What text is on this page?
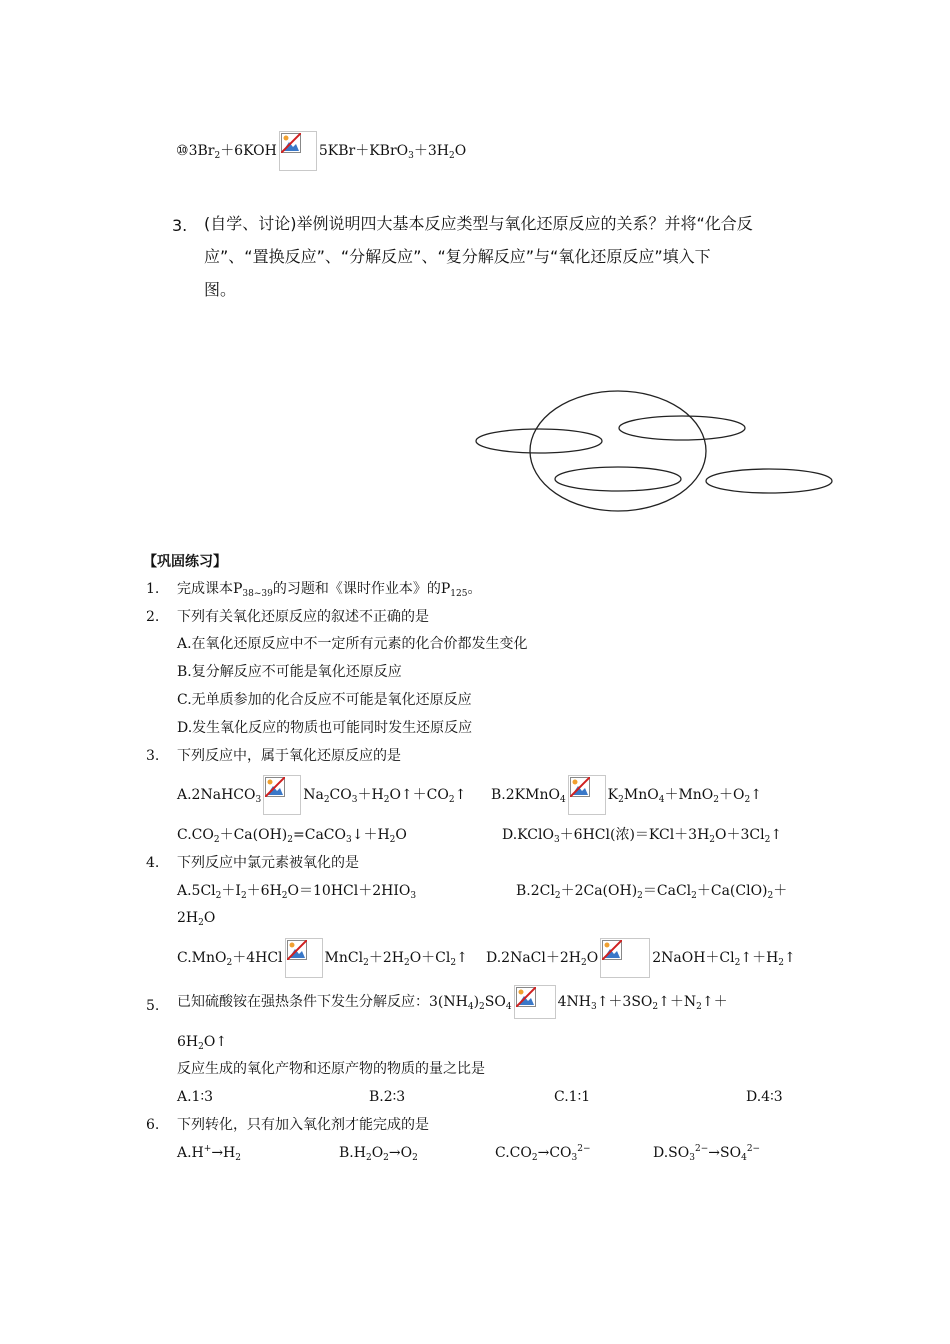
$⑩3Br_2+6KOH$	$5KBr+KBrO_3+3H_2O$
3. (自学、讨论)举例说明四大基本反应类型与氧化还原反应的关系？并将“化合反
应”、“置换反应”、“分解反应”、“复分解反应”与“氧化还原反应”填入下
图。
【巩固练习】
1. 完成课本$P_{38\sim 39}$的习题和《课时作业本》的$P_{125}$。
2. 下列有关氧化还原反应的叙述不正确的是
A.在氧化还原反应中不一定所有元素的化合价都发生变化
B.复分解反应不可能是氧化还原反应
C.无单质参加的化合反应不可能是氧化还原反应
D.发生氧化反应的物质也可能同时发生还原反应
3. 下列反应中，属于氧化还原反应的是
A.2NaHCO$_3$	$Na_2CO_3+H_2O↑+CO_2↑$ B.2KMnO$_4$	$K_2MnO_4+MnO_2+O_2↑$
$C.CO_2+Ca(OH)_2=CaCO_3↓+H_2O$	D.KClO$_3$＋6HCl(浓)$=KCl+3H_2O+3Cl_2↑$
4. 下列反应中氯元素被氧化的是
$A.5Cl_2+I_2+6H_2O=10HCl+2HIO_3$	$B.2Cl_2+2Ca(OH)_2=CaCl_2+Ca(ClO)_2+$
$2H_2O$
C.MnO$_2$＋4HCl	$MnCl_2+2H_2O+Cl_2↑$ $D.2NaCl+2H_2O$	$2NaOH+Cl_2↑+H_2↑$
5. 已知硫酸铵在强热条件下发生分解反应：$3(NH_4)_2SO_4$	$4NH_3↑+3SO_2↑+N_2↑+$
$6H_2O↑$
反应生成的氧化产物和还原产物的物质的量之比是
A.1∶3	B.2∶3	C.1∶1	D.4∶3
6. 下列转化，只有加入氧化剂才能完成的是
$A.H^+\to H_2$	$B.H_2O_2\to O_2$	$C.CO_2\to CO_3^{2-}$	$D.SO_3^{2-}\to SO_4^{2-}$
